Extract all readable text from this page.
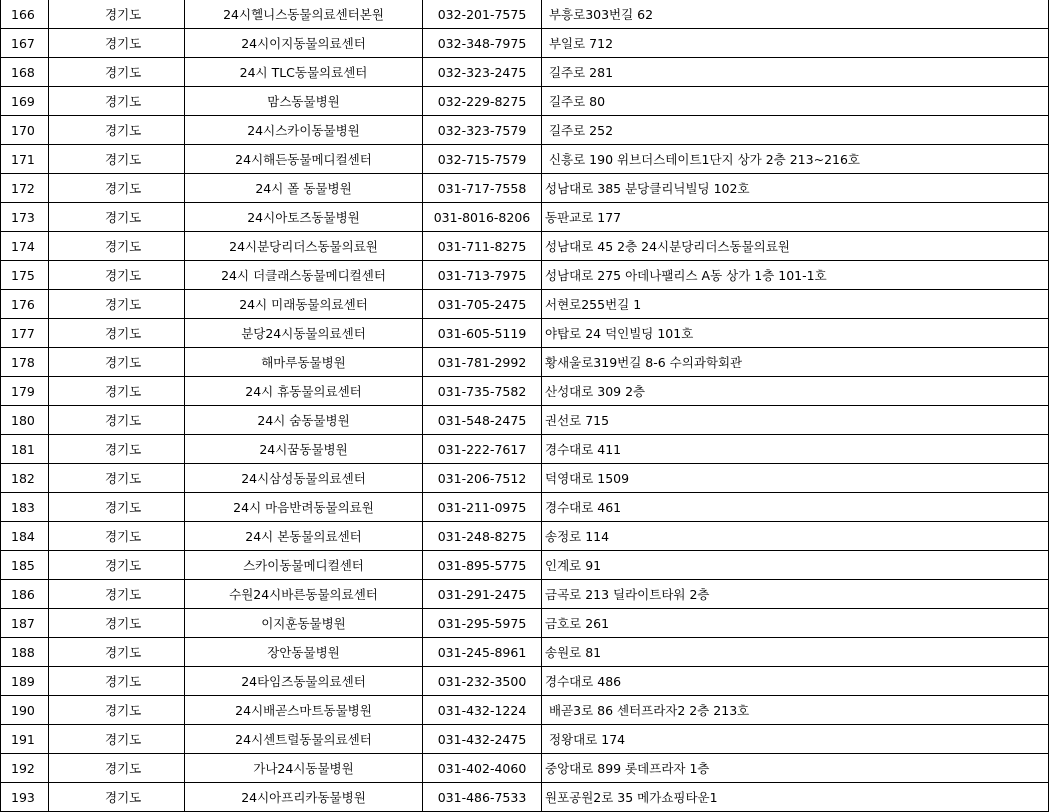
166	경기도	24시헬니스동물의료센터본원	032-201-7575	부흥로303번길 62
167	경기도	24시이지동물의료센터	032-348-7975	부일로 712
168	경기도	24시 TLC동물의료센터	032-323-2475	길주로 281
169	경기도	맘스동물병원	032-229-8275	길주로 80
170	경기도	24시스카이동물병원	032-323-7579	길주로 252
171	경기도	24시해든동물메디컬센터	032-715-7579	신흥로 190 위브더스테이트1단지 상가 2층 213~216호
172	경기도	24시 폴 동물병원	031-717-7558	성남대로 385 분당클리닉빌딩 102호
173	경기도	24시아토즈동물병원	031-8016-8206	동판교로 177
174	경기도	24시분당리더스동물의료원	031-711-8275	성남대로 45 2층 24시분당리더스동물의료원
175	경기도	24시 더클래스동물메디컬센터	031-713-7975	성남대로 275 아데나팰리스 A동 상가 1층 101-1호
176	경기도	24시 미래동물의료센터	031-705-2475	서현로255번길 1
177	경기도	분당24시동물의료센터	031-605-5119	야탑로 24 덕인빌딩 101호
178	경기도	해마루동물병원	031-781-2992	황새울로319번길 8-6 수의과학회관
179	경기도	24시 휴동물의료센터	031-735-7582	산성대로 309 2층
180	경기도	24시 숨동물병원	031-548-2475	권선로 715
181	경기도	24시꿈동물병원	031-222-7617	경수대로 411
182	경기도	24시삼성동물의료센터	031-206-7512	덕영대로 1509
183	경기도	24시 마음반려동물의료원	031-211-0975	경수대로 461
184	경기도	24시 본동물의료센터	031-248-8275	송정로 114
185	경기도	스카이동물메디컬센터	031-895-5775	인계로 91
186	경기도	수원24시바른동물의료센터	031-291-2475	금곡로 213 딜라이트타워 2층
187	경기도	이지훈동물병원	031-295-5975	금호로 261
188	경기도	장안동물병원	031-245-8961	송원로 81
189	경기도	24타임즈동물의료센터	031-232-3500	경수대로 486
190	경기도	24시배곧스마트동물병원	031-432-1224	배곧3로 86 센터프라자2 2층 213호
191	경기도	24시센트럴동물의료센터	031-432-2475	정왕대로 174
192	경기도	가나24시동물병원	031-402-4060	중앙대로 899 롯데프라자 1층
193	경기도	24시아프리카동물병원	031-486-7533	원포공원2로 35 메가쇼핑타운1
